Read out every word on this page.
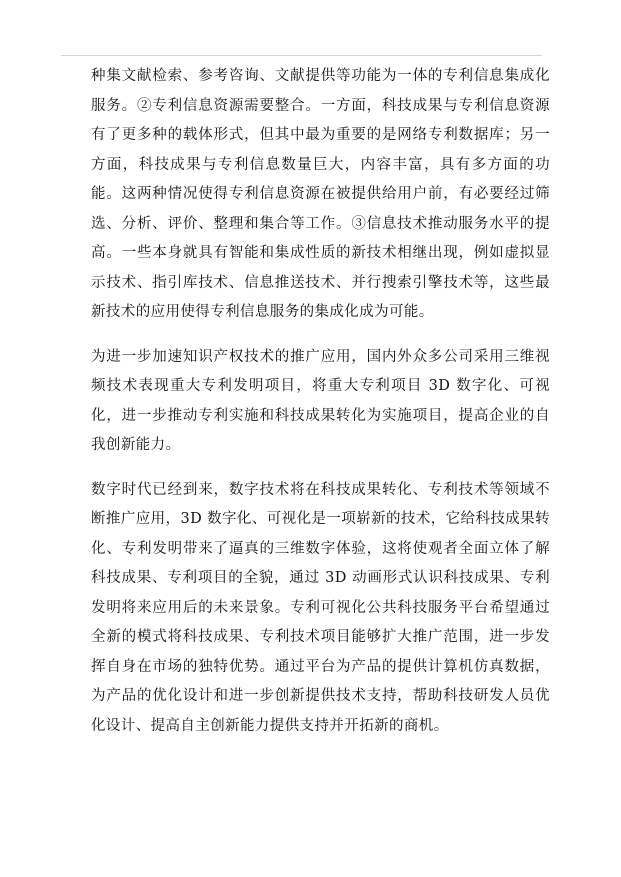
种集文献检索、参考咨询、文献提供等功能为一体的专利信息集成化服务。②专利信息资源需要整合。一方面，科技成果与专利信息资源有了更多种的载体形式，但其中最为重要的是网络专利数据库；另一方面，科技成果与专利信息数量巨大，内容丰富，具有多方面的功能。这两种情况使得专利信息资源在被提供给用户前，有必要经过筛选、分析、评价、整理和集合等工作。③信息技术推动服务水平的提高。一些本身就具有智能和集成性质的新技术相继出现，例如虚拟显示技术、指引库技术、信息推送技术、并行搜索引擎技术等，这些最新技术的应用使得专利信息服务的集成化成为可能。

为进一步加速知识产权技术的推广应用，国内外众多公司采用三维视频技术表现重大专利发明项目，将重大专利项目 3D 数字化、可视化，进一步推动专利实施和科技成果转化为实施项目，提高企业的自我创新能力。

数字时代已经到来，数字技术将在科技成果转化、专利技术等领域不断推广应用，3D 数字化、可视化是一项崭新的技术，它给科技成果转化、专利发明带来了逼真的三维数字体验，这将使观者全面立体了解科技成果、专利项目的全貌，通过 3D 动画形式认识科技成果、专利发明将来应用后的未来景象。专利可视化公共科技服务平台希望通过全新的模式将科技成果、专利技术项目能够扩大推广范围，进一步发挥自身在市场的独特优势。通过平台为产品的提供计算机仿真数据，为产品的优化设计和进一步创新提供技术支持，帮助科技研发人员优化设计、提高自主创新能力提供支持并开拓新的商机。
